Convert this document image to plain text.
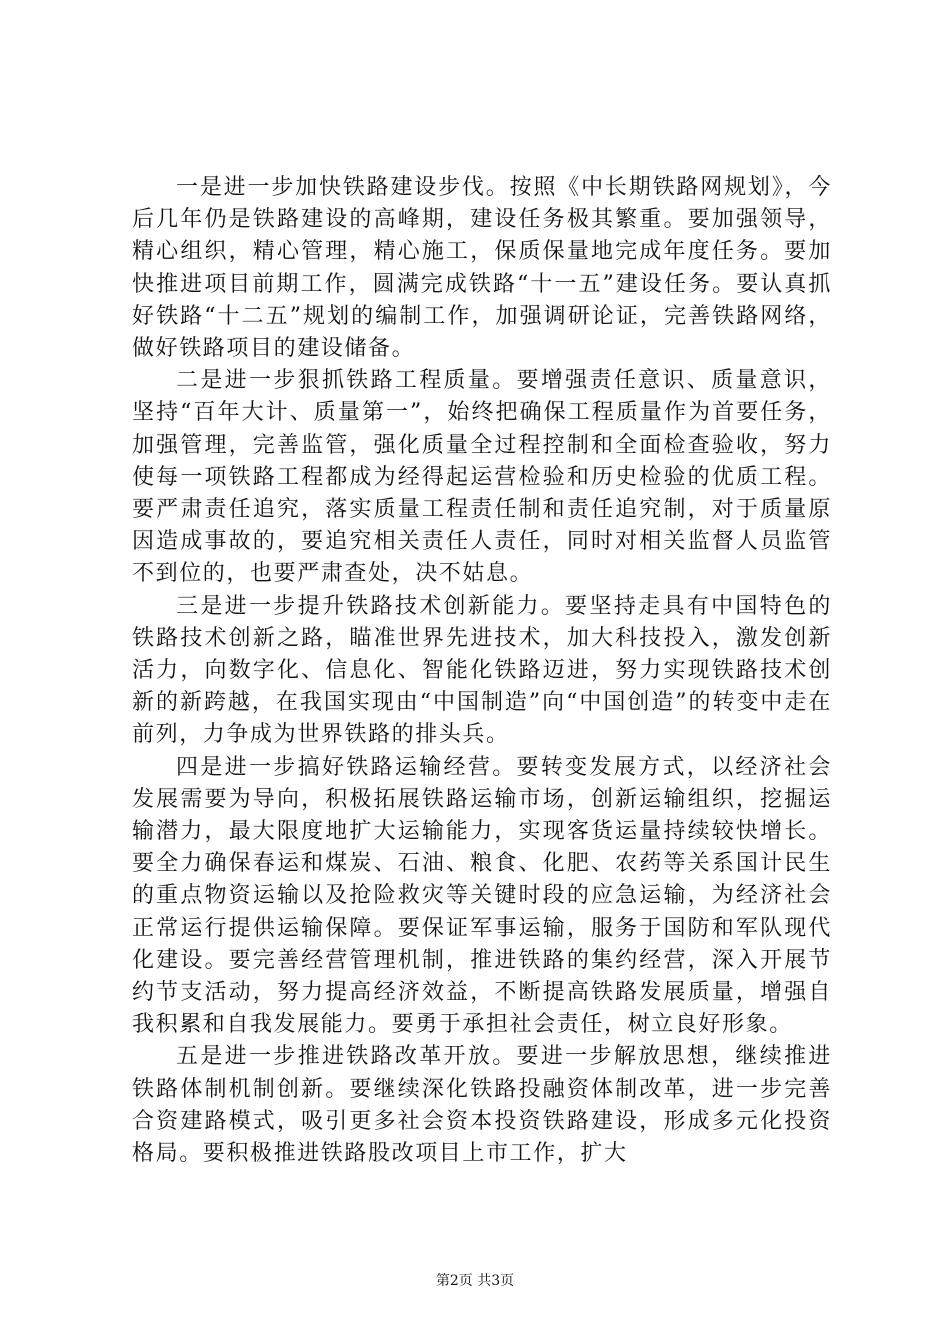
一是进一步加快铁路建设步伐。按照《中长期铁路网规划》，今后几年仍是铁路建设的高峰期，建设任务极其繁重。要加强领导，精心组织，精心管理，精心施工，保质保量地完成年度任务。要加快推进项目前期工作，圆满完成铁路“十一五”建设任务。要认真抓好铁路“十二五”规划的编制工作，加强调研论证，完善铁路网络，做好铁路项目的建设储备。

二是进一步狠抓铁路工程质量。要增强责任意识、质量意识，坚持“百年大计、质量第一”，始终把确保工程质量作为首要任务，加强管理，完善监管，强化质量全过程控制和全面检查验收，努力使每一项铁路工程都成为经得起运营检验和历史检验的优质工程。要严肃责任追究，落实质量工程责任制和责任追究制，对于质量原因造成事故的，要追究相关责任人责任，同时对相关监督人员监管不到位的，也要严肃查处，决不姑息。

三是进一步提升铁路技术创新能力。要坚持走具有中国特色的铁路技术创新之路，瞄准世界先进技术，加大科技投入，激发创新活力，向数字化、信息化、智能化铁路迈进，努力实现铁路技术创新的新跨越，在我国实现由“中国制造”向“中国创造”的转变中走在前列，力争成为世界铁路的排头兵。

四是进一步搞好铁路运输经营。要转变发展方式，以经济社会发展需要为导向，积极拓展铁路运输市场，创新运输组织，挖掘运输潜力，最大限度地扩大运输能力，实现客货运量持续较快增长。要全力确保春运和煤炭、石油、粮食、化肥、农药等关系国计民生的重点物资运输以及抢险救灾等关键时段的应急运输，为经济社会正常运行提供运输保障。要保证军事运输，服务于国防和军队现代化建设。要完善经营管理机制，推进铁路的集约经营，深入开展节约节支活动，努力提高经济效益，不断提高铁路发展质量，增强自我积累和自我发展能力。要勇于承担社会责任，树立良好形象。

五是进一步推进铁路改革开放。要进一步解放思想，继续推进铁路体制机制创新。要继续深化铁路投融资体制改革，进一步完善合资建路模式，吸引更多社会资本投资铁路建设，形成多元化投资格局。要积极推进铁路股改项目上市工作，扩大

第2页 共3页
